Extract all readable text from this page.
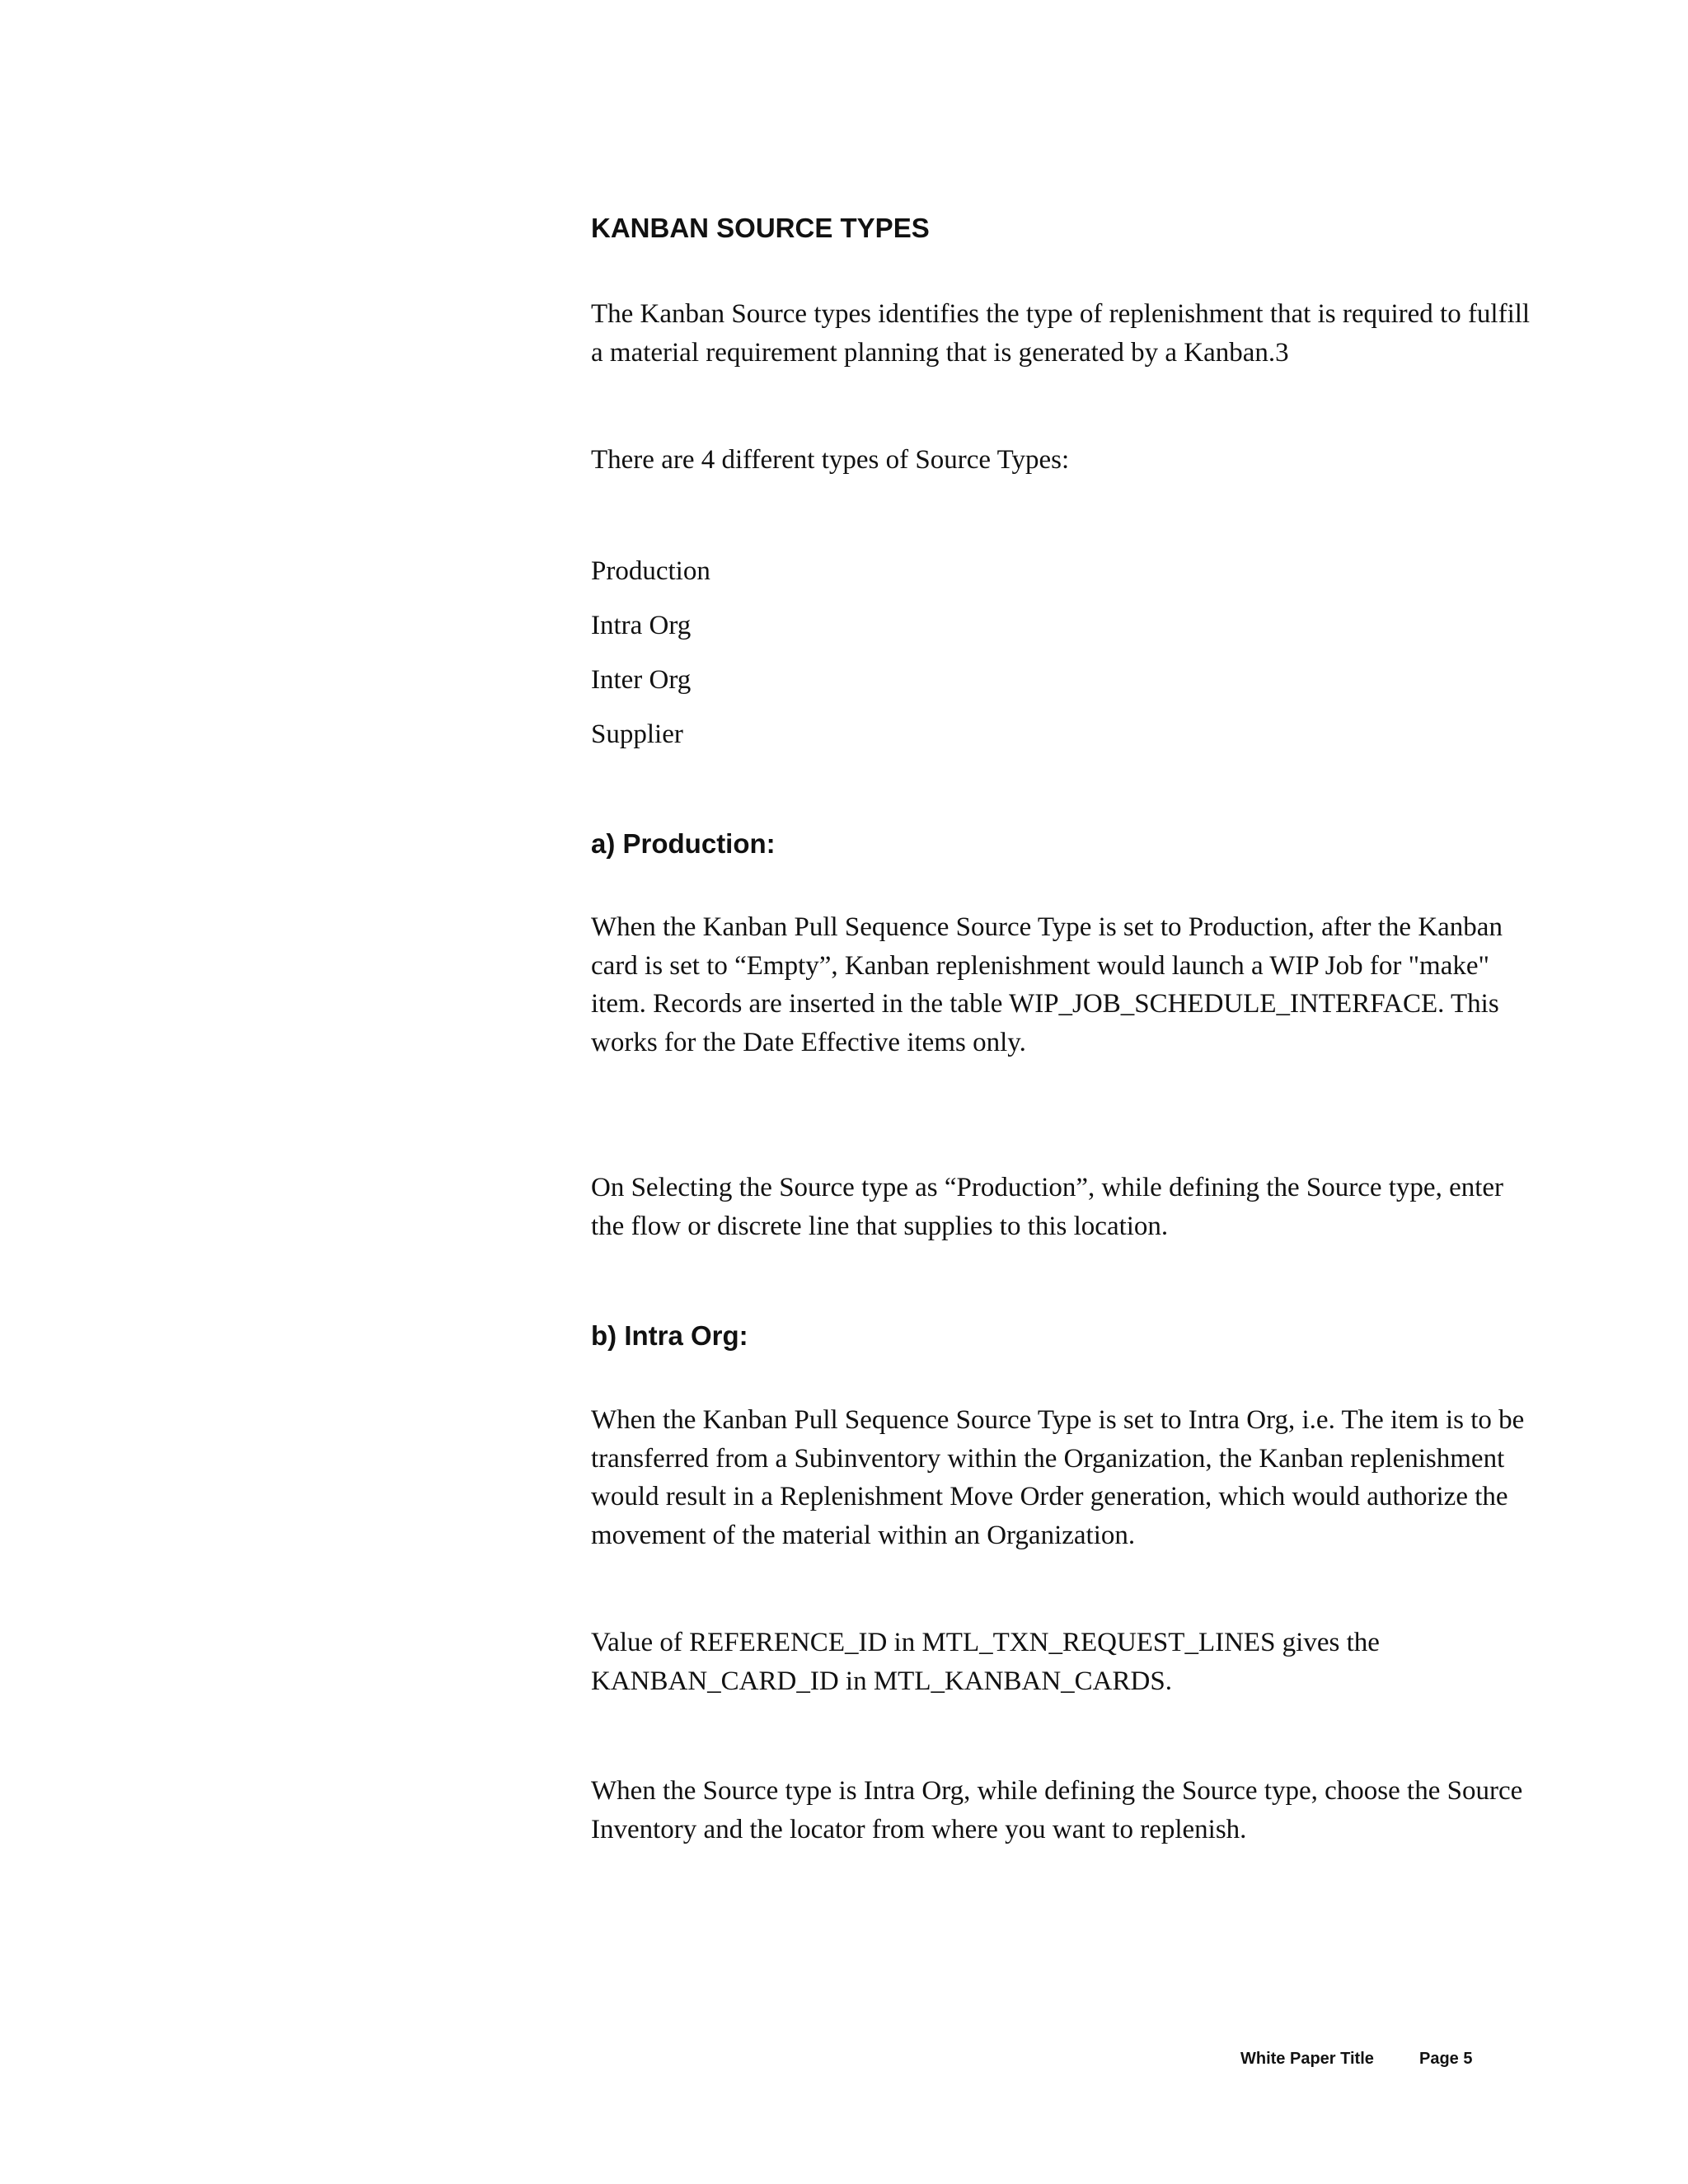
KANBAN SOURCE TYPES

The Kanban Source types identifies the type of replenishment that is required to fulfill a material requirement planning that is generated by a Kanban.3

There are 4 different types of Source Types:

Production

Intra Org

Inter Org

Supplier

a) Production:

When the Kanban Pull Sequence Source Type is set to Production, after the Kanban card is set to “Empty”, Kanban replenishment would launch a WIP Job for "make" item. Records are inserted in the table WIP_JOB_SCHEDULE_INTERFACE. This works for the Date Effective items only.

On Selecting the Source type as “Production”, while defining the Source type, enter the flow or discrete line that supplies to this location.

b) Intra Org:

When the Kanban Pull Sequence Source Type is set to Intra Org, i.e. The item is to be transferred from a Subinventory within the Organization, the Kanban replenishment would result in a Replenishment Move Order generation, which would authorize the movement of the material within an Organization.

Value of REFERENCE_ID in MTL_TXN_REQUEST_LINES gives the KANBAN_CARD_ID in MTL_KANBAN_CARDS.

When the Source type is Intra Org, while defining the Source type, choose the Source Inventory and the locator from where you want to replenish.

White Paper Title	Page 5
